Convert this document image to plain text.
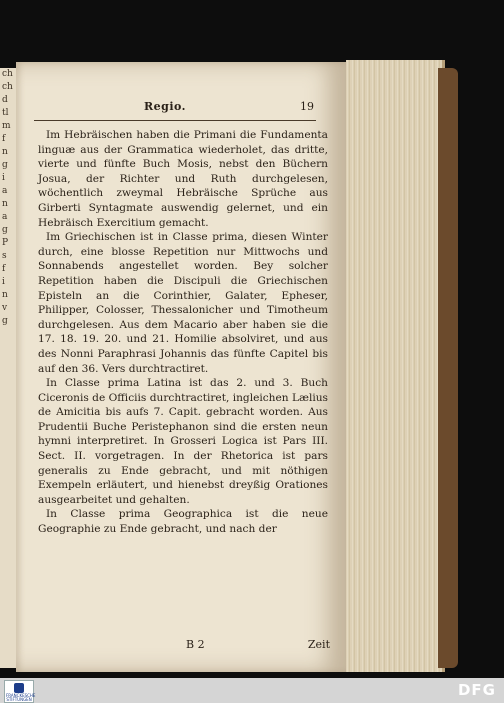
ch
ch
d
tl
m
f
n
g
i
a
n
a
g
P
s
f
i
n
v
g
Regio.	19

Im Hebräischen haben die Primani die Fundamenta linguæ aus der Grammatica wiederholet, das dritte, vierte und fünfte Buch Mosis, nebst den Büchern Josua, der Richter und Ruth durchgelesen, wöchentlich zweymal Hebräische Sprüche aus Girberti Syntagmate auswendig gelernet, und ein Hebräisch Exercitium gemacht.

Im Griechischen ist in Classe prima, diesen Winter durch, eine blosse Repetition nur Mittwochs und Sonnabends angestellet worden. Bey solcher Repetition haben die Discipuli die Griechischen Episteln an die Corinthier, Galater, Epheser, Philipper, Colosser, Thessalonicher und Timotheum durchgelesen. Aus dem Macario aber haben sie die 17. 18. 19. 20. und 21. Homilie absolviret, und aus des Nonni Paraphrasi Johannis das fünfte Capitel bis auf den 36. Vers durchtractiret.

In Classe prima Latina ist das 2. und 3. Buch Ciceronis de Officiis durchtractiret, ingleichen Lælius de Amicitia bis aufs 7. Capit. gebracht worden. Aus Prudentii Buche Peristephanon sind die ersten neun hymni interpretiret. In Grosseri Logica ist Pars III. Sect. II. vorgetragen. In der Rhetorica ist pars generalis zu Ende gebracht, und mit nöthigen Exempeln erläutert, und hienebst dreyßig Orationes ausgearbeitet und gehalten.

In Classe prima Geographica ist die neue Geographie zu Ende gebracht, und nach der

B 2	Zeit
FRANCKESCHE STIFTUNGEN
DFG
